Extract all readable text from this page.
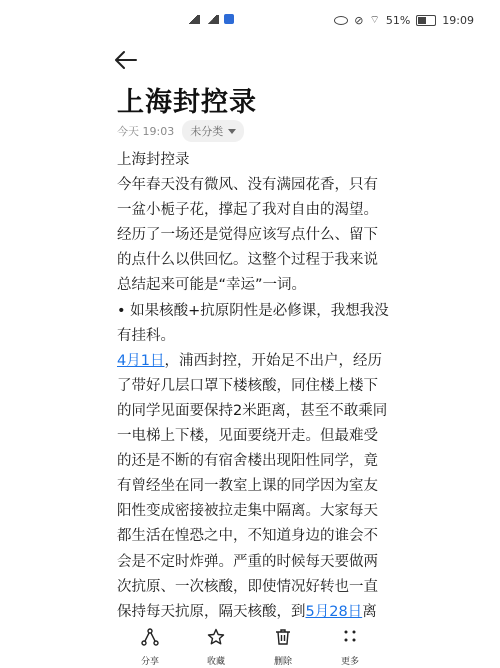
⊘ ⌔ 51%	19:09
上海封控录
今天 19:03 未分类

上海封控录

今年春天没有微风、没有满园花香，只有一盆小栀子花，撑起了我对自由的渴望。经历了一场还是觉得应该写点什么、留下的点什么以供回忆。这整个过程于我来说总结起来可能是“幸运”一词。

• 如果核酸+抗原阴性是必修课，我想我没有挂科。

4月1日，浦西封控，开始足不出户，经历了带好几层口罩下楼核酸，同住楼上楼下的同学见面要保持2米距离，甚至不敢乘同一电梯上下楼，见面要绕开走。但最难受的还是不断的有宿舍楼出现阳性同学，竟有曾经坐在同一教室上课的同学因为室友阳性变成密接被拉走集中隔离。大家每天都生活在惶恐之中，不知道身边的谁会不会是不定时炸弹。严重的时候每天要做两次抗原、一次核酸，即使情况好转也一直保持每天抗原，隔天核酸，到5月28日离

分享	收藏	删除	更多
